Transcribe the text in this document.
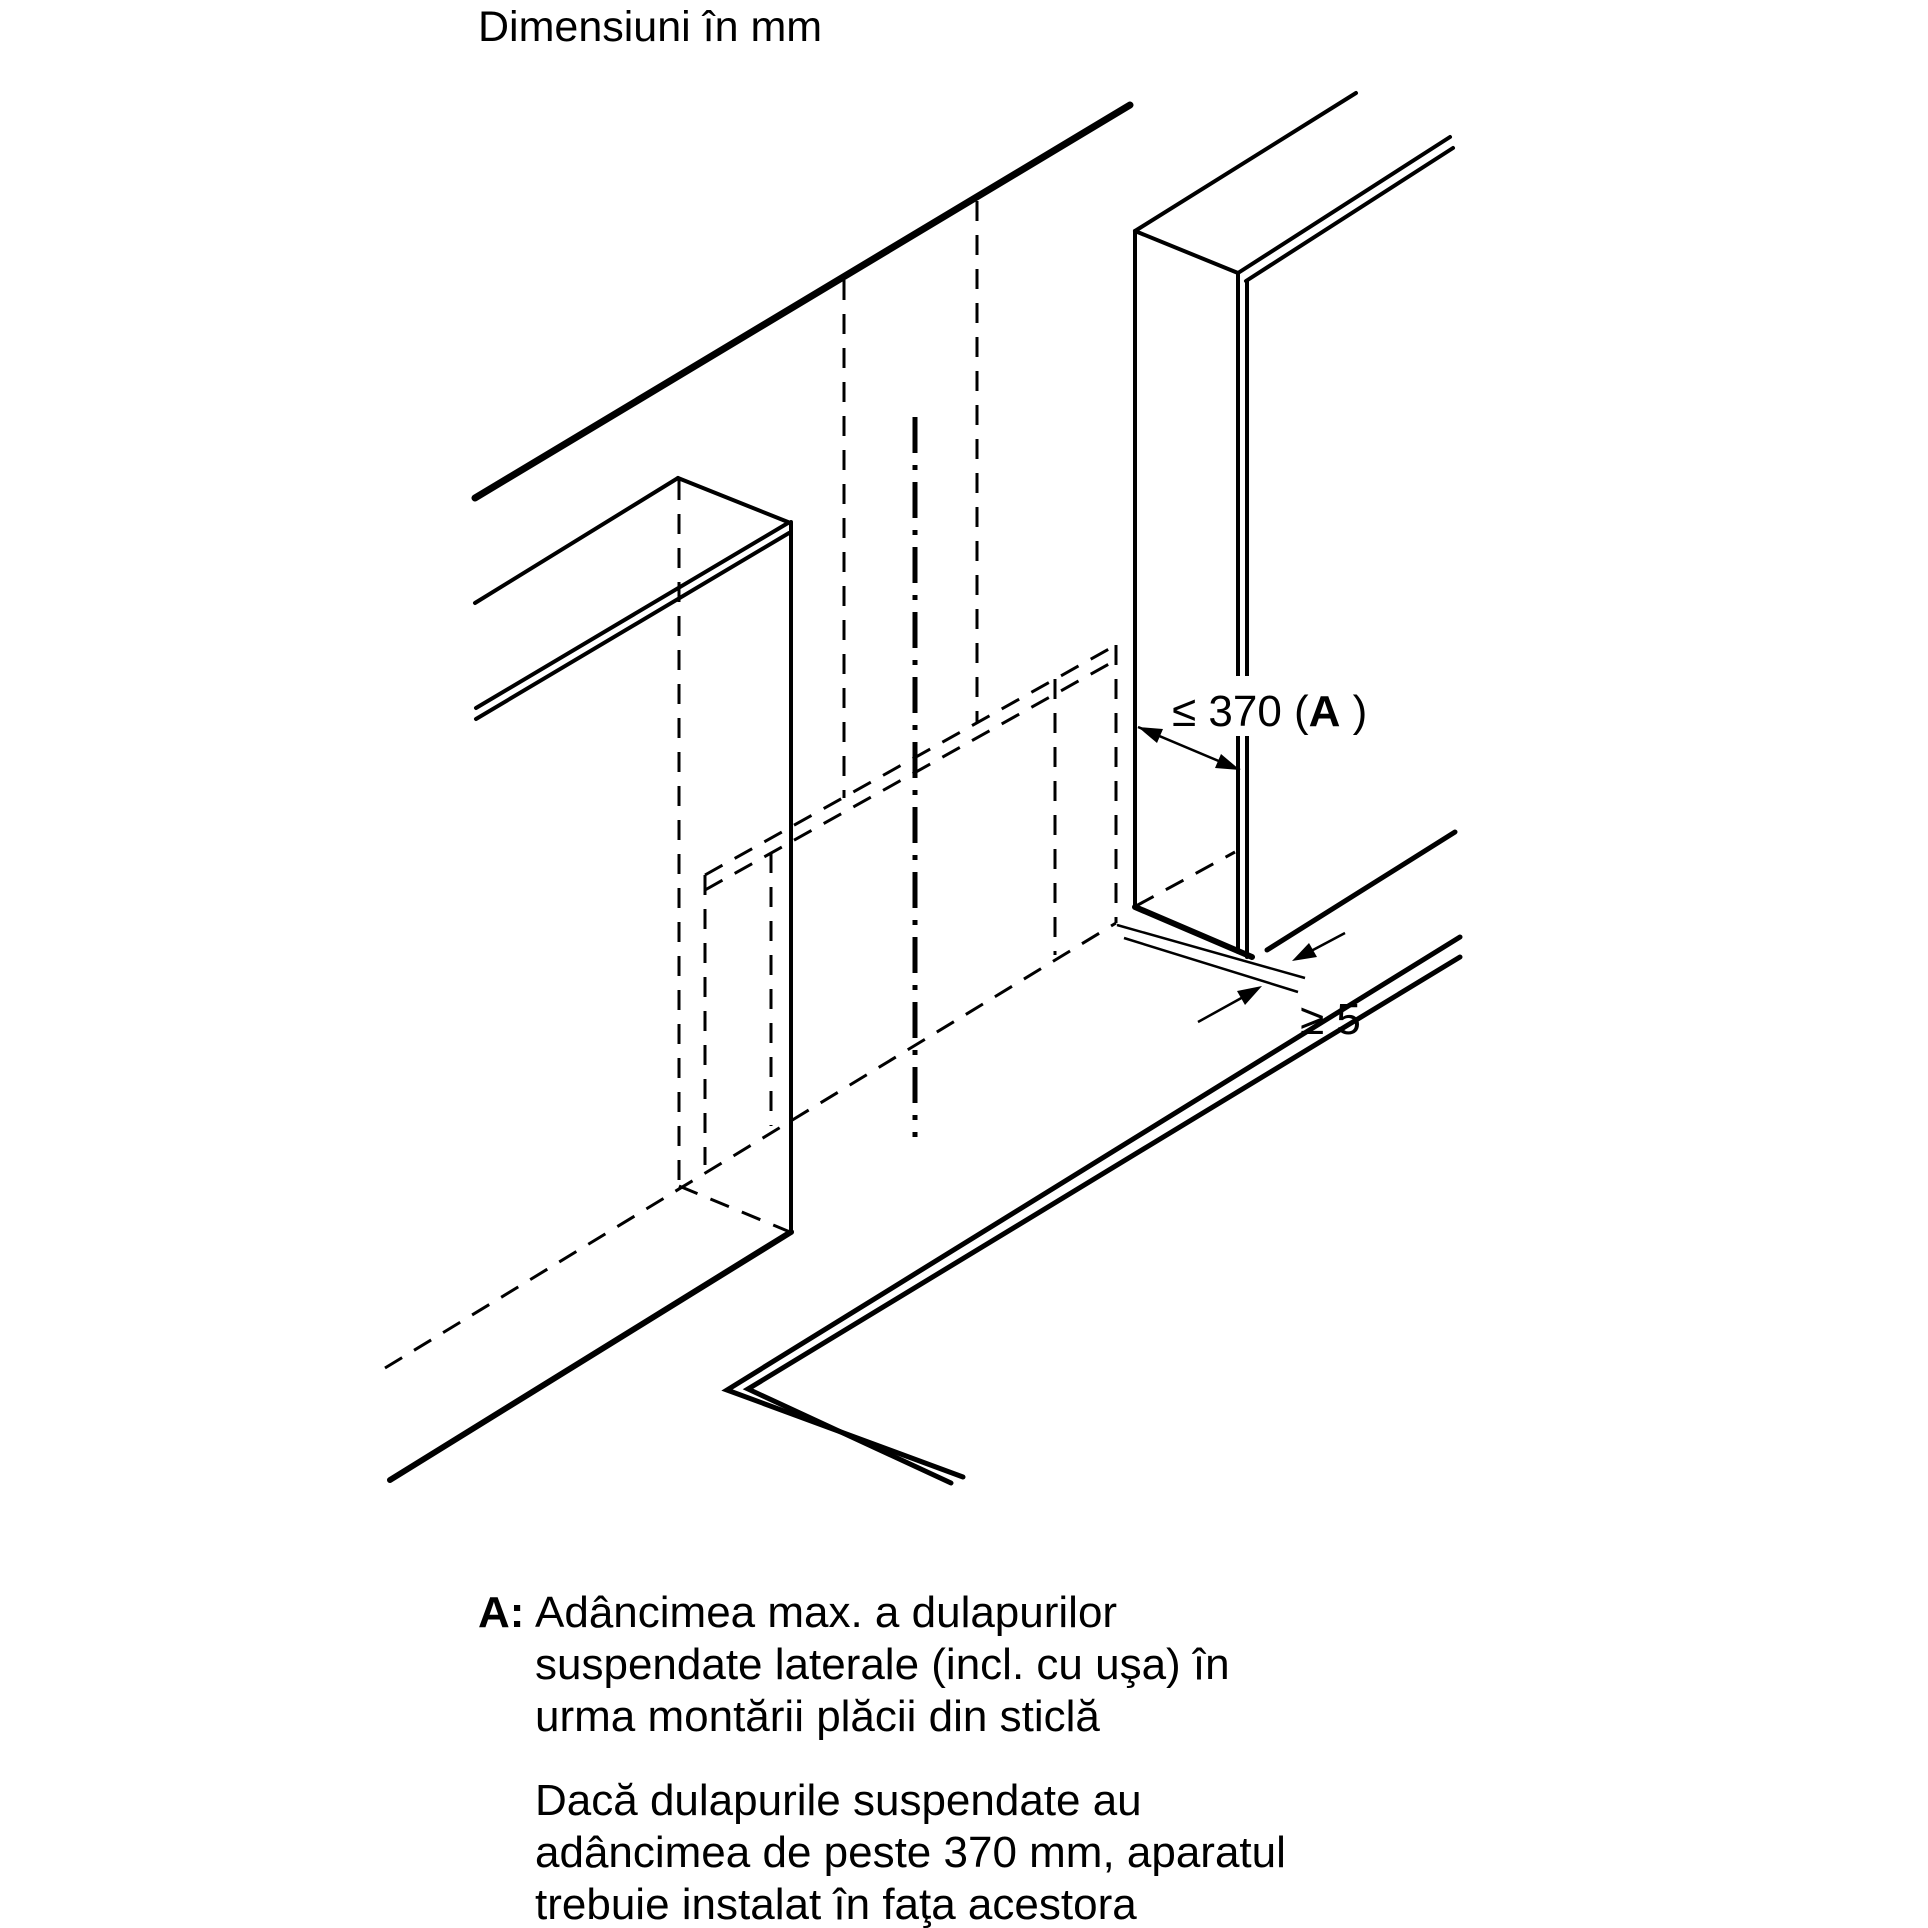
Dimensiuni în mm
≤ 370 (A )
≥ 5
A: Adâncimea max. a dulapurilor
suspendate laterale (incl. cu uşa) în
urma montării plăcii din sticlă
Dacă dulapurile suspendate au
adâncimea de peste 370 mm, aparatul
trebuie instalat în faţa acestora
